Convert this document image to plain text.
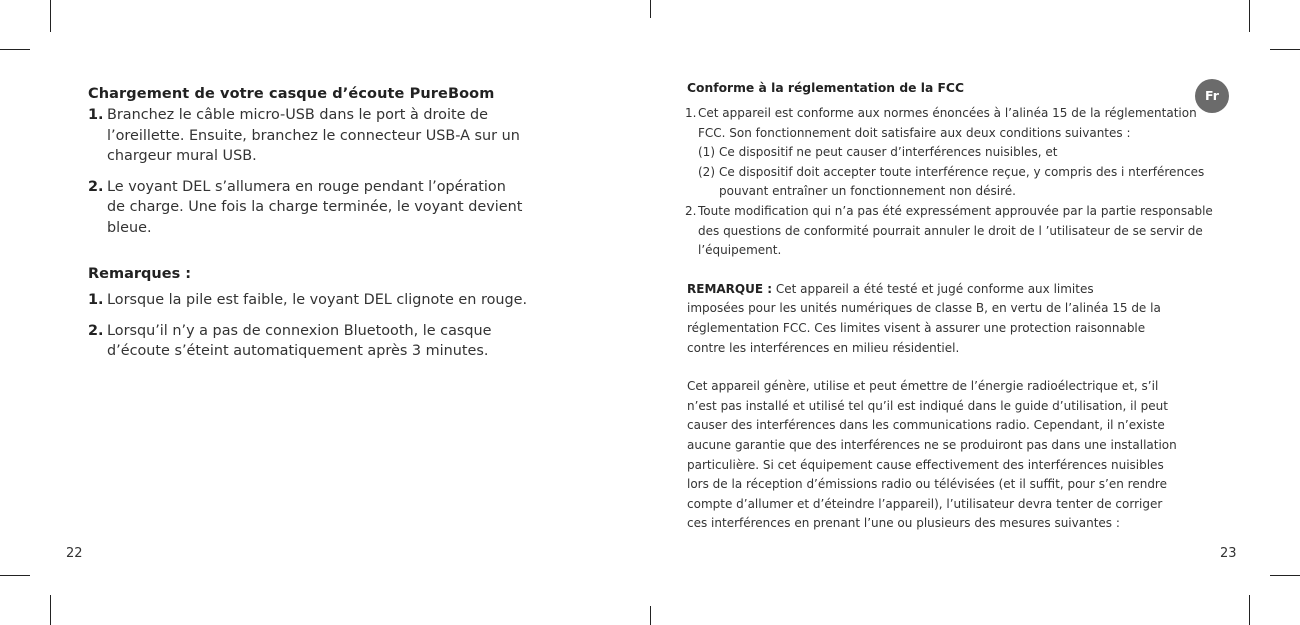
Chargement de votre casque d’écoute PureBoom
1. Branchez le câble micro-USB dans le port à droite de l’oreillette. Ensuite, branchez le connecteur USB-A sur un chargeur mural USB.
2. Le voyant DEL s’allumera en rouge pendant l’opération de charge. Une fois la charge terminée, le voyant devient bleue.
Remarques :
1. Lorsque la pile est faible, le voyant DEL clignote en rouge.
2. Lorsqu’il n’y a pas de connexion Bluetooth, le casque d’écoute s’éteint automatiquement après 3 minutes.
Conforme à la réglementation de la FCC
1. Cet appareil est conforme aux normes énoncées à l’alinéa 15 de la réglementation FCC. Son fonctionnement doit satisfaire aux deux conditions suivantes :
(1) Ce dispositif ne peut causer d’interférences nuisibles, et
(2) Ce dispositif doit accepter toute interférence reçue, y compris des i nterférences pouvant entraîner un fonctionnement non désiré.
2. Toute modification qui n’a pas été expressément approuvée par la partie responsable des questions de conformité pourrait annuler le droit de l ’utilisateur de se servir de l’équipement.

REMARQUE : Cet appareil a été testé et jugé conforme aux limites
imposées pour les unités numériques de classe B, en vertu de l’alinéa 15 de la
réglementation FCC. Ces limites visent à assurer une protection raisonnable
contre les interférences en milieu résidentiel.

Cet appareil génère, utilise et peut émettre de l’énergie radioélectrique et, s’il
n’est pas installé et utilisé tel qu’il est indiqué dans le guide d’utilisation, il peut
causer des interférences dans les communications radio. Cependant, il n’existe
aucune garantie que des interférences ne se produiront pas dans une installation
particulière. Si cet équipement cause effectivement des interférences nuisibles
lors de la réception d’émissions radio ou télévisées (et il suffit, pour s’en rendre
compte d’allumer et d’éteindre l’appareil), l’utilisateur devra tenter de corriger
ces interférences en prenant l’une ou plusieurs des mesures suivantes :

Fr
22	23
